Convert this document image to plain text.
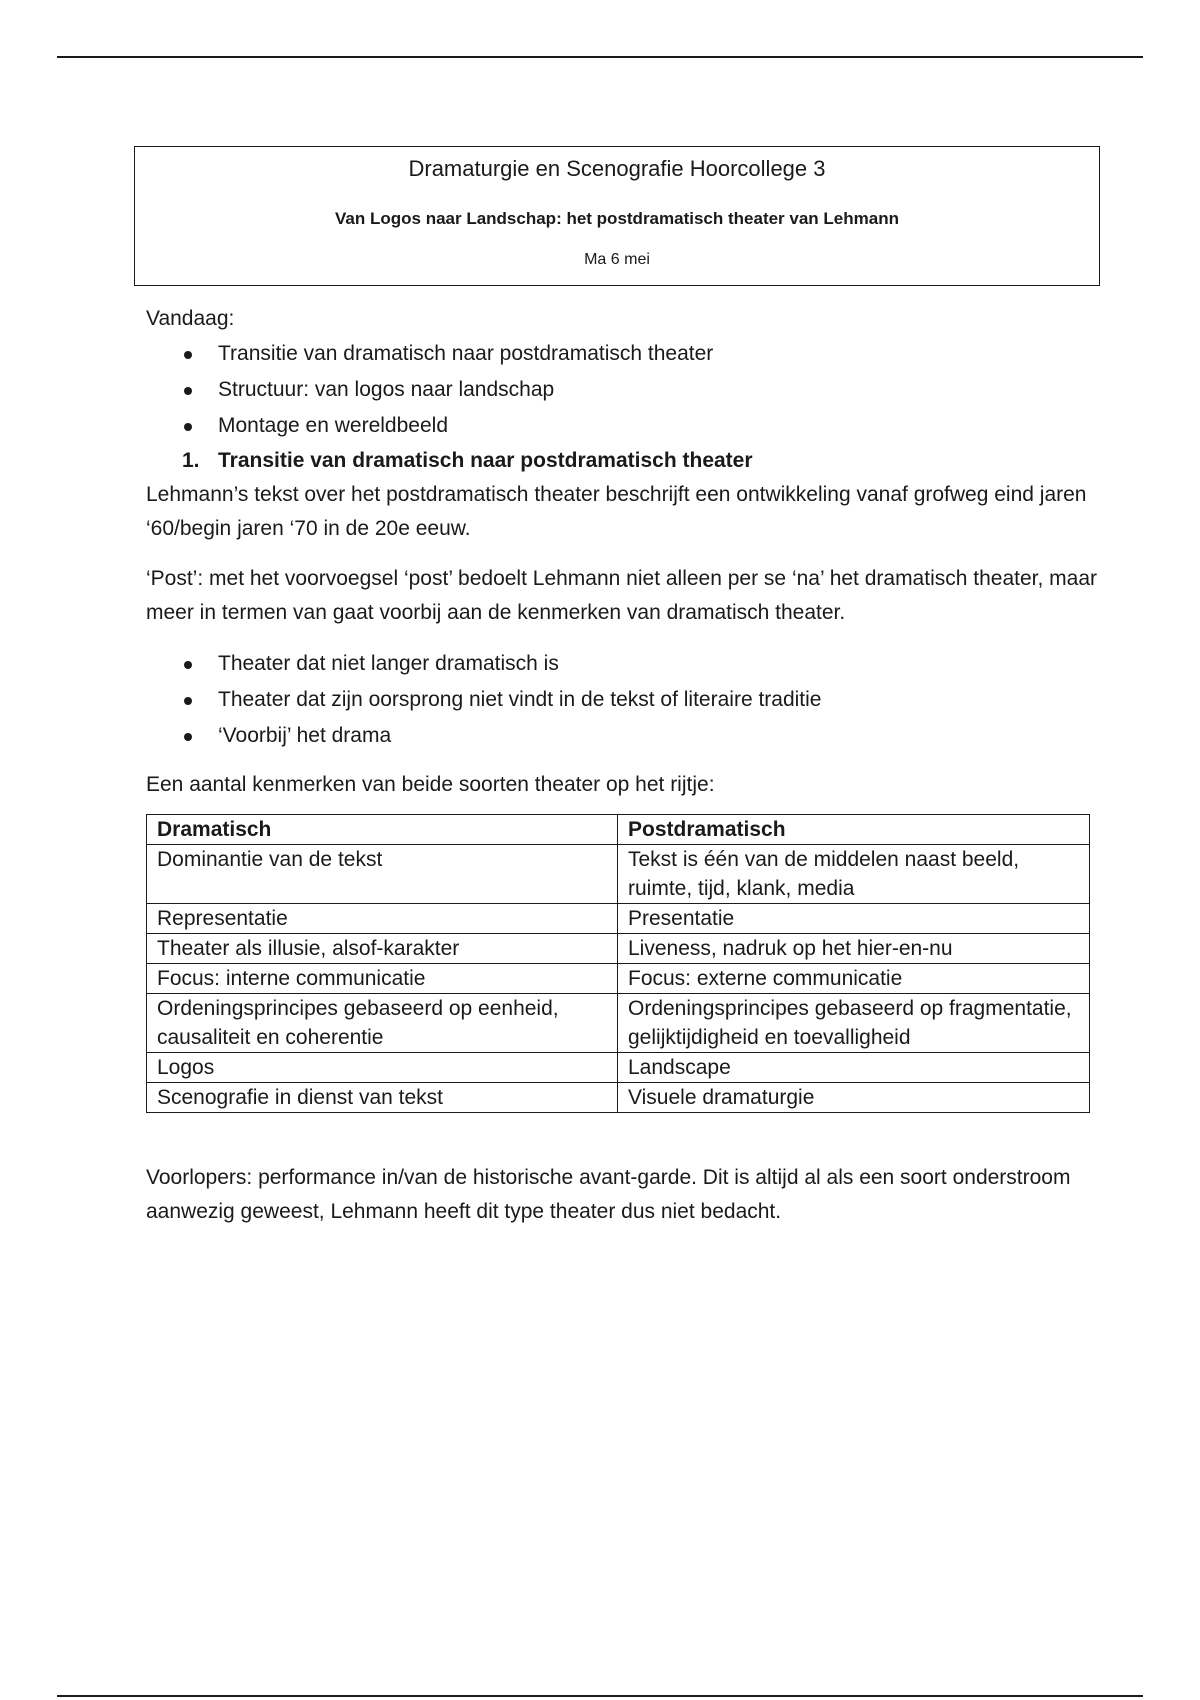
Dramaturgie en Scenografie Hoorcollege 3
Van Logos naar Landschap: het postdramatisch theater van Lehmann
Ma 6 mei

Vandaag:

Transitie van dramatisch naar postdramatisch theater
Structuur: van logos naar landschap
Montage en wereldbeeld

1. Transitie van dramatisch naar postdramatisch theater

Lehmann’s tekst over het postdramatisch theater beschrijft een ontwikkeling vanaf grofweg eind jaren ‘60/begin jaren ‘70 in de 20e eeuw.

‘Post’: met het voorvoegsel ‘post’ bedoelt Lehmann niet alleen per se ‘na’ het dramatisch theater, maar meer in termen van gaat voorbij aan de kenmerken van dramatisch theater.

Theater dat niet langer dramatisch is
Theater dat zijn oorsprong niet vindt in de tekst of literaire traditie
‘Voorbij’ het drama

Een aantal kenmerken van beide soorten theater op het rijtje:

Dramatisch	Postdramatisch
Dominantie van de tekst	Tekst is één van de middelen naast beeld, ruimte, tijd, klank, media
Representatie	Presentatie
Theater als illusie, alsof-karakter	Liveness, nadruk op het hier-en-nu
Focus: interne communicatie	Focus: externe communicatie
Ordeningsprincipes gebaseerd op eenheid, causaliteit en coherentie	Ordeningsprincipes gebaseerd op fragmentatie, gelijktijdigheid en toevalligheid
Logos	Landscape
Scenografie in dienst van tekst	Visuele dramaturgie

Voorlopers: performance in/van de historische avant-garde. Dit is altijd al als een soort onderstroom aanwezig geweest, Lehmann heeft dit type theater dus niet bedacht.
